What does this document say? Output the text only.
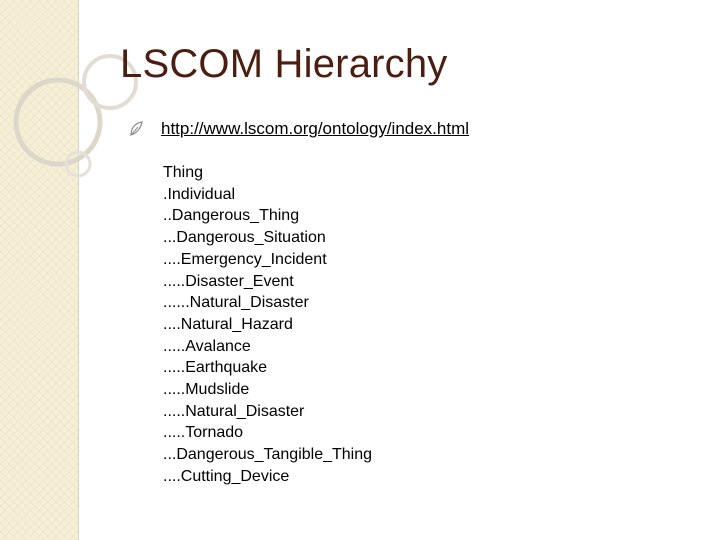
LSCOM Hierarchy
http://www.lscom.org/ontology/index.html
Thing
.Individual
..Dangerous_Thing
...Dangerous_Situation
....Emergency_Incident
.....Disaster_Event
......Natural_Disaster
....Natural_Hazard
.....Avalance
.....Earthquake
.....Mudslide
.....Natural_Disaster
.....Tornado
...Dangerous_Tangible_Thing
....Cutting_Device
